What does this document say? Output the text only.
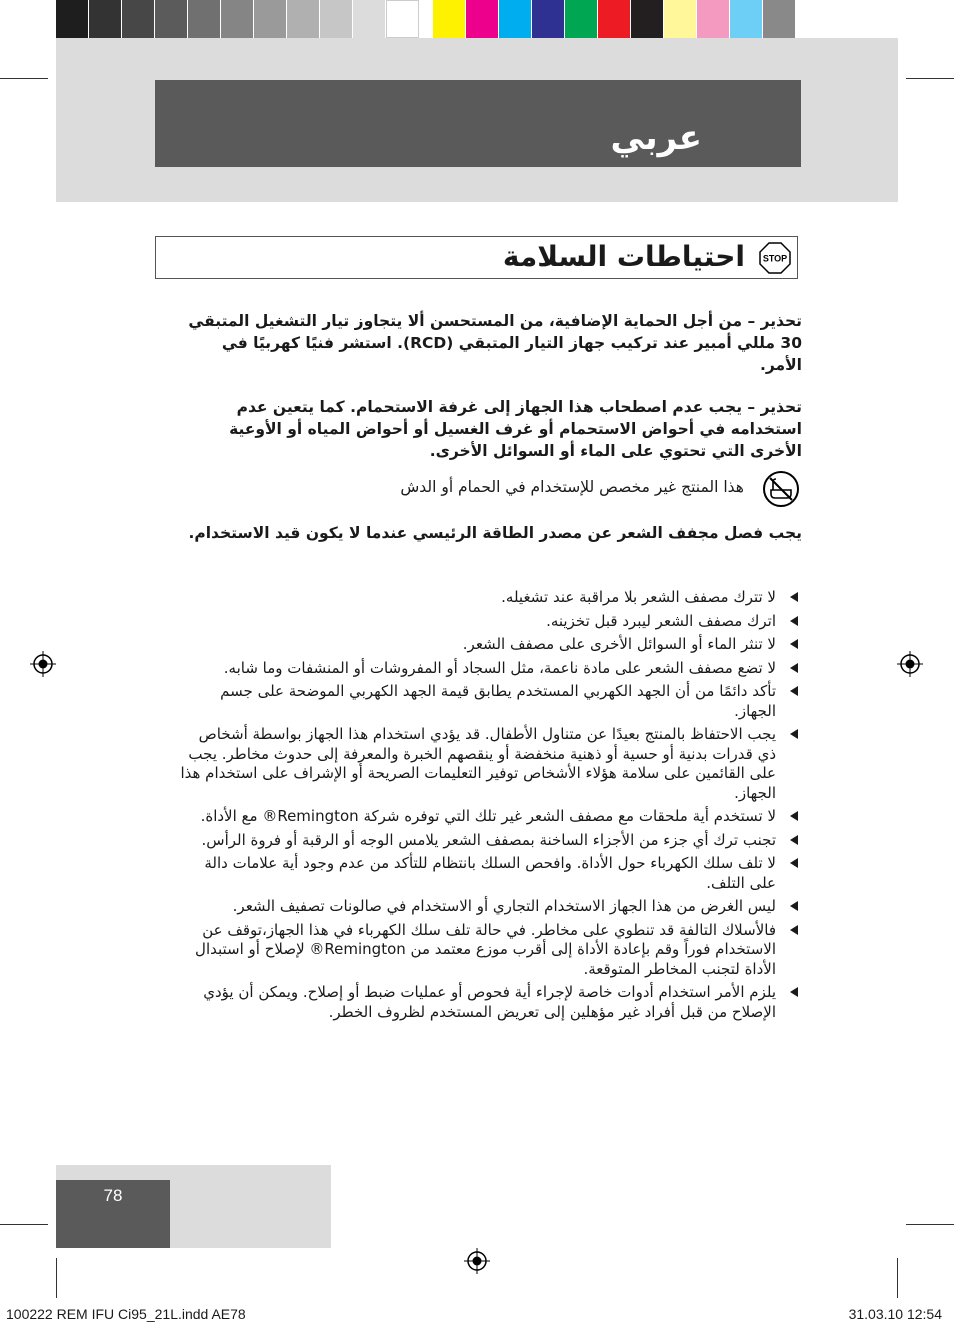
عربي
احتياطات السلامة STOP
تحذير – من أجل الحماية الإضافية، من المستحسن ألا يتجاوز تيار التشغيل المتبقي 30 مللي أمبير عند تركيب جهاز التيار المتبقي (RCD). استشر فنيًا كهربيًا في الأمر.
تحذير – يجب عدم اصطحاب هذا الجهاز إلى غرفة الاستحمام. كما يتعين عدم استخدامه في أحواض الاستحمام أو غرف الغسيل أو أحواض المياه أو الأوعية الأخرى التي تحتوي على الماء أو السوائل الأخرى.
هذا المنتج غير مخصص للإستخدام في الحمام أو الدش
يجب فصل مجفف الشعر عن مصدر الطاقة الرئيسي عندما لا يكون قيد الاستخدام.
لا تترك مصفف الشعر بلا مراقبة عند تشغيله.
اترك مصفف الشعر ليبرد قبل تخزينه.
لا تنثر الماء أو السوائل الأخرى على مصفف الشعر.
لا تضع مصفف الشعر على مادة ناعمة، مثل السجاد أو المفروشات أو المنشفات وما شابه.
تأكد دائمًا من أن الجهد الكهربي المستخدم يطابق قيمة الجهد الكهربي الموضحة على جسم الجهاز.
يجب الاحتفاظ بالمنتج بعيدًا عن متناول الأطفال. قد يؤدي استخدام هذا الجهاز بواسطة أشخاص ذي قدرات بدنية أو حسية أو ذهنية منخفضة أو ينقصهم الخبرة والمعرفة إلى حدوث مخاطر. يجب على القائمين على سلامة هؤلاء الأشخاص توفير التعليمات الصريحة أو الإشراف على استخدام هذا الجهاز.
لا تستخدم أية ملحقات مع مصفف الشعر غير تلك التي توفره شركة Remington® مع الأداة.
تجنب ترك أي جزء من الأجزاء الساخنة بمصفف الشعر يلامس الوجه أو الرقبة أو فروة الرأس.
لا تلف سلك الكهرباء حول الأداة. وافحص السلك بانتظام للتأكد من عدم وجود أية علامات دالة على التلف.
ليس الغرض من هذا الجهاز الاستخدام التجاري أو الاستخدام في صالونات تصفيف الشعر.
فالأسلاك التالفة قد تنطوي على مخاطر. في حالة تلف سلك الكهرباء في هذا الجهاز،توقف عن الاستخدام فوراً وقم بإعادة الأداة إلى أقرب موزع معتمد من Remington® لإصلاح أو استبدال الأداة لتجنب المخاطر المتوقعة.
يلزم الأمر استخدام أدوات خاصة لإجراء أية فحوص أو عمليات ضبط أو إصلاح. ويمكن أن يؤدي الإصلاح من قبل أفراد غير مؤهلين إلى تعريض المستخدم لظروف الخطر.
78
100222 REM IFU Ci95_21L.indd AE78	31.03.10 12:54
